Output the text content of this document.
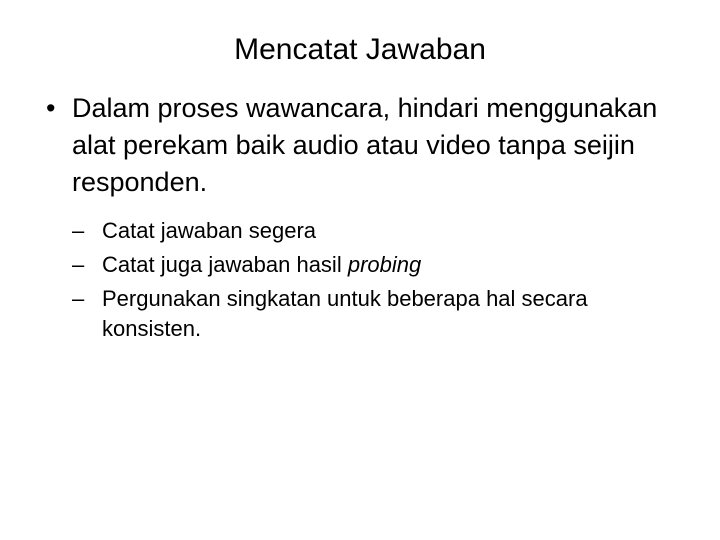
Mencatat Jawaban
• Dalam proses wawancara, hindari menggunakan alat perekam baik audio atau video tanpa seijin responden.
– Catat jawaban segera
– Catat juga jawaban hasil probing
– Pergunakan singkatan untuk beberapa hal secara konsisten.
